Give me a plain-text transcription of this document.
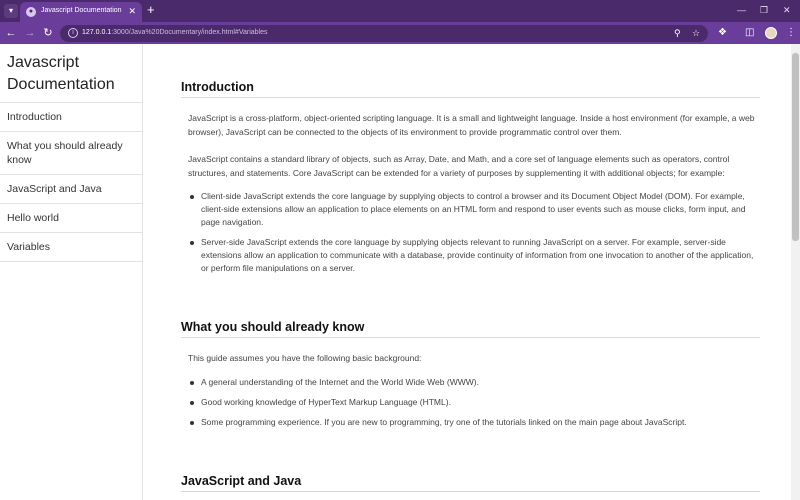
▾	●	Javascript Documentation ✕ +	— ❐ ✕
← → ↻	i	127.0.0.1:3000/Java%20Documentary/index.html#Variables	⚲ ☆ ❖ ◫	⋮
Javascript Documentation
Introduction
What you should already know
JavaScript and Java
Hello world
Variables
Introduction

JavaScript is a cross-platform, object-oriented scripting language. It is a small and lightweight language. Inside a host environment (for example, a web browser), JavaScript can be connected to the objects of its environment to provide programmatic control over them.

JavaScript contains a standard library of objects, such as Array, Date, and Math, and a core set of language elements such as operators, control structures, and statements. Core JavaScript can be extended for a variety of purposes by supplementing it with additional objects; for example:

Client-side JavaScript extends the core language by supplying objects to control a browser and its Document Object Model (DOM). For example, client-side extensions allow an application to place elements on an HTML form and respond to user events such as mouse clicks, form input, and page navigation.
Server-side JavaScript extends the core language by supplying objects relevant to running JavaScript on a server. For example, server-side extensions allow an application to communicate with a database, provide continuity of information from one invocation to another of the application, or perform file manipulations on a server.
What you should already know

This guide assumes you have the following basic background:

A general understanding of the Internet and the World Wide Web (WWW).
Good working knowledge of HyperText Markup Language (HTML).
Some programming experience. If you are new to programming, try one of the tutorials linked on the main page about JavaScript.
JavaScript and Java
